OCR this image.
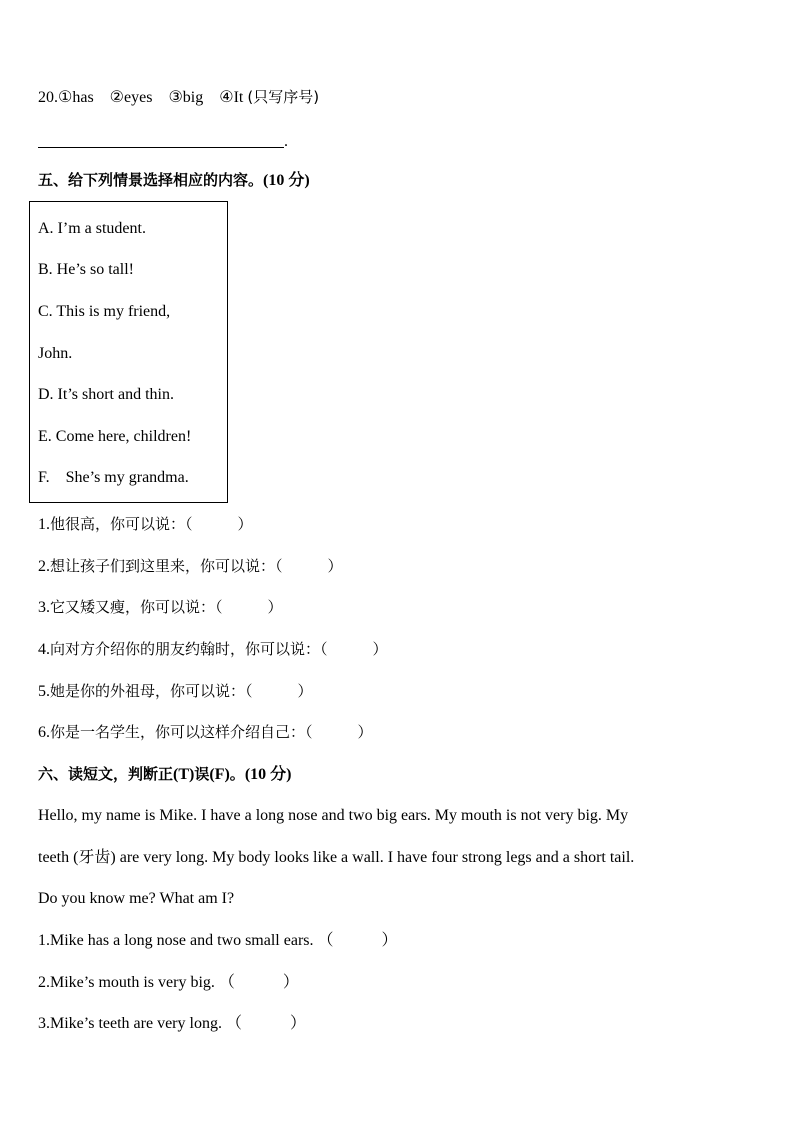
20.①has　②eyes　③big　④It (只写序号)
.
五、给下列情景选择相应的内容。(10 分)
A. I’m a student.
B. He’s so tall!
C. This is my friend,
John.
D. It’s short and thin.
E. Come here, children!
F.　She’s my grandma.
1.他很高，你可以说：（　　　）
2.想让孩子们到这里来，你可以说：（　　　）
3.它又矮又瘦，你可以说：（　　　）
4.向对方介绍你的朋友约翰时，你可以说：（　　　）
5.她是你的外祖母，你可以说：（　　　）
6.你是一名学生，你可以这样介绍自己：（　　　）
六、读短文，判断正(T)误(F)。(10 分)
Hello, my name is Mike. I have a long nose and two big ears. My mouth is not very big. My
teeth (牙齿) are very long. My body looks like a wall. I have four strong legs and a short tail.
Do you know me? What am I?
1.Mike has a long nose and two small ears. （　　　）
2.Mike’s mouth is very big. （　　　）
3.Mike’s teeth are very long. （　　　）
